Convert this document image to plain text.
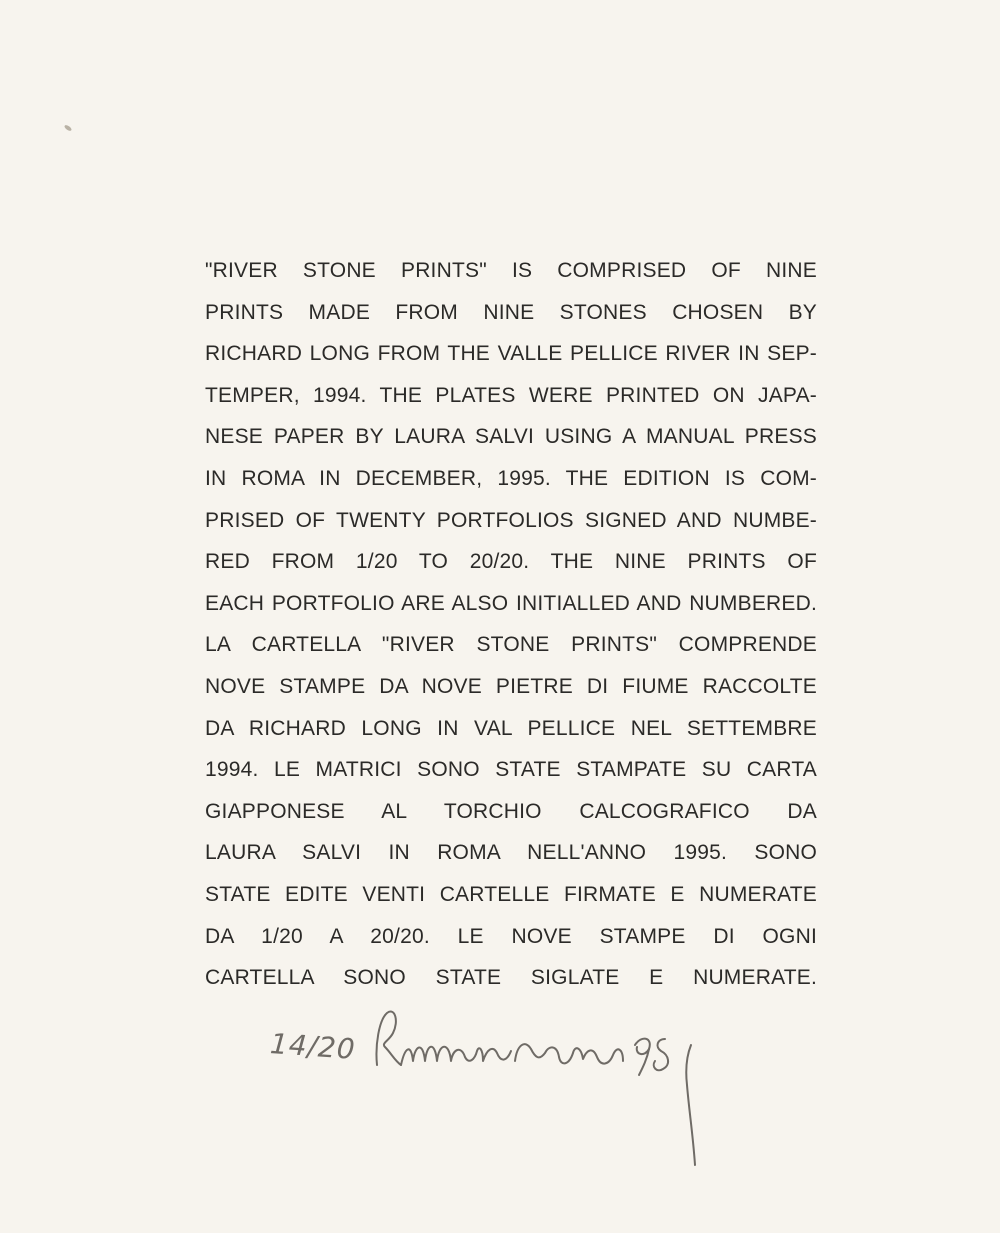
"RIVER STONE PRINTS" IS COMPRISED OF NINE
PRINTS MADE FROM NINE STONES CHOSEN BY
RICHARD LONG FROM THE VALLE PELLICE RIVER IN SEP-
TEMPER, 1994. THE PLATES WERE PRINTED ON JAPA-
NESE PAPER BY LAURA SALVI USING A MANUAL PRESS
IN ROMA IN DECEMBER, 1995. THE EDITION IS COM-
PRISED OF TWENTY PORTFOLIOS SIGNED AND NUMBE-
RED FROM 1/20 TO 20/20. THE NINE PRINTS OF
EACH PORTFOLIO ARE ALSO INITIALLED AND NUMBERED.
LA CARTELLA "RIVER STONE PRINTS" COMPRENDE
NOVE STAMPE DA NOVE PIETRE DI FIUME RACCOLTE
DA RICHARD LONG IN VAL PELLICE NEL SETTEMBRE
1994. LE MATRICI SONO STATE STAMPATE SU CARTA
GIAPPONESE AL TORCHIO CALCOGRAFICO DA
LAURA SALVI IN ROMA NELL'ANNO 1995. SONO
STATE EDITE VENTI CARTELLE FIRMATE E NUMERATE
DA 1/20 A 20/20. LE NOVE STAMPE DI OGNI
CARTELLA SONO STATE SIGLATE E NUMERATE.
14/20
